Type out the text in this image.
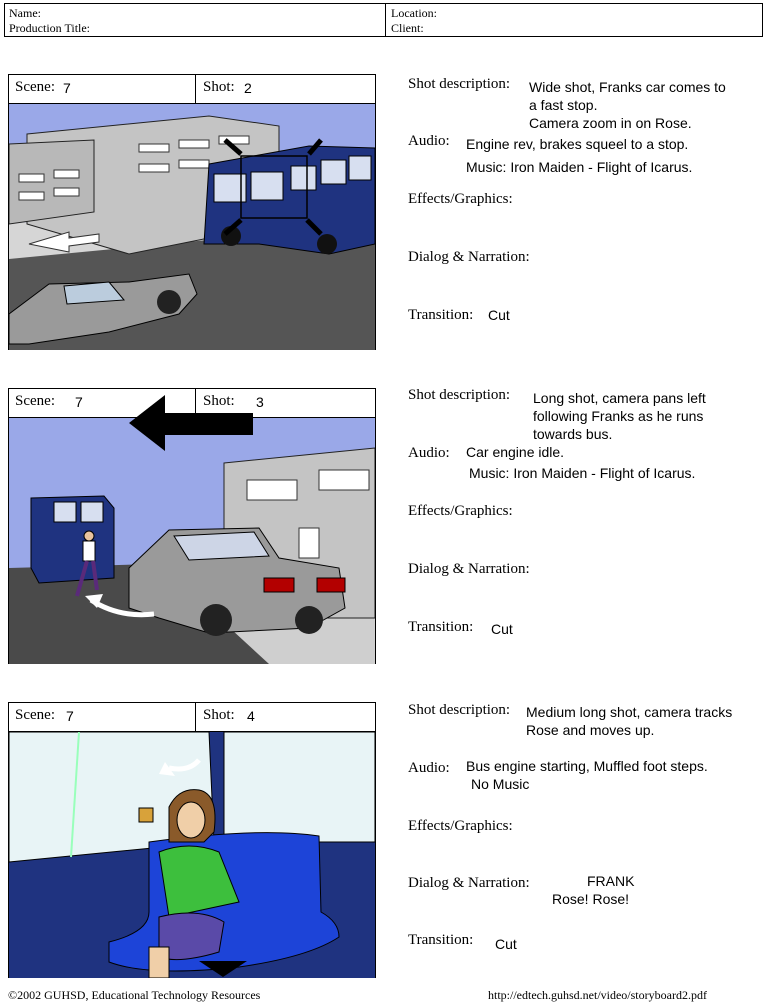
Name:
Production Title:
Location:
Client:
Scene: 7	Shot: 2	Shot description: Wide shot, Franks car comes to
a fast stop.
Camera zoom in on Rose.
Audio: Engine rev, brakes squeel to a stop.
Music: Iron Maiden - Flight of Icarus.
Effects/Graphics:
Dialog & Narration:
Transition: Cut
Scene: 7	Shot: 3	Shot description: Long shot, camera pans left
following Franks as he runs
towards bus.
Audio: Car engine idle.
Music: Iron Maiden - Flight of Icarus.
Effects/Graphics:
Dialog & Narration:
Transition: Cut
Scene: 7	Shot: 4	Shot description: Medium long shot, camera tracks
Rose and moves up.
Audio: Bus engine starting, Muffled foot steps.
No Music
Effects/Graphics:
Dialog & Narration:	FRANK
Rose! Rose!
Transition: Cut
©2002 GUHSD, Educational Technology Resources	http://edtech.guhsd.net/video/storyboard2.pdf
